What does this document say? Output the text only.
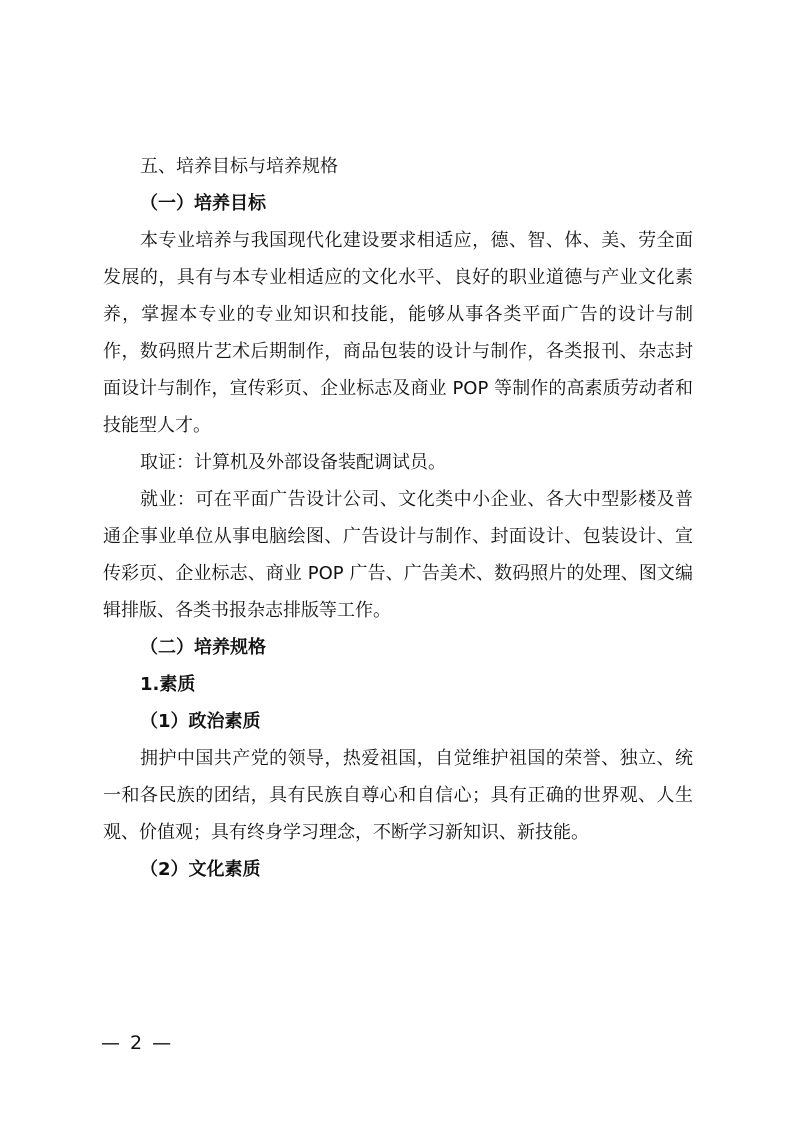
五、培养目标与培养规格

（一）培养目标

本专业培养与我国现代化建设要求相适应，德、智、体、美、劳全面发展的，具有与本专业相适应的文化水平、良好的职业道德与产业文化素养，掌握本专业的专业知识和技能，能够从事各类平面广告的设计与制作，数码照片艺术后期制作，商品包装的设计与制作，各类报刊、杂志封面设计与制作，宣传彩页、企业标志及商业 POP 等制作的高素质劳动者和技能型人才。

取证：计算机及外部设备装配调试员。

就业：可在平面广告设计公司、文化类中小企业、各大中型影楼及普通企事业单位从事电脑绘图、广告设计与制作、封面设计、包装设计、宣传彩页、企业标志、商业 POP 广告、广告美术、数码照片的处理、图文编辑排版、各类书报杂志排版等工作。

（二）培养规格

1.素质

（1）政治素质

拥护中国共产党的领导，热爱祖国，自觉维护祖国的荣誉、独立、统一和各民族的团结，具有民族自尊心和自信心；具有正确的世界观、人生观、价值观；具有终身学习理念，不断学习新知识、新技能。

（2）文化素质

— 2 —
